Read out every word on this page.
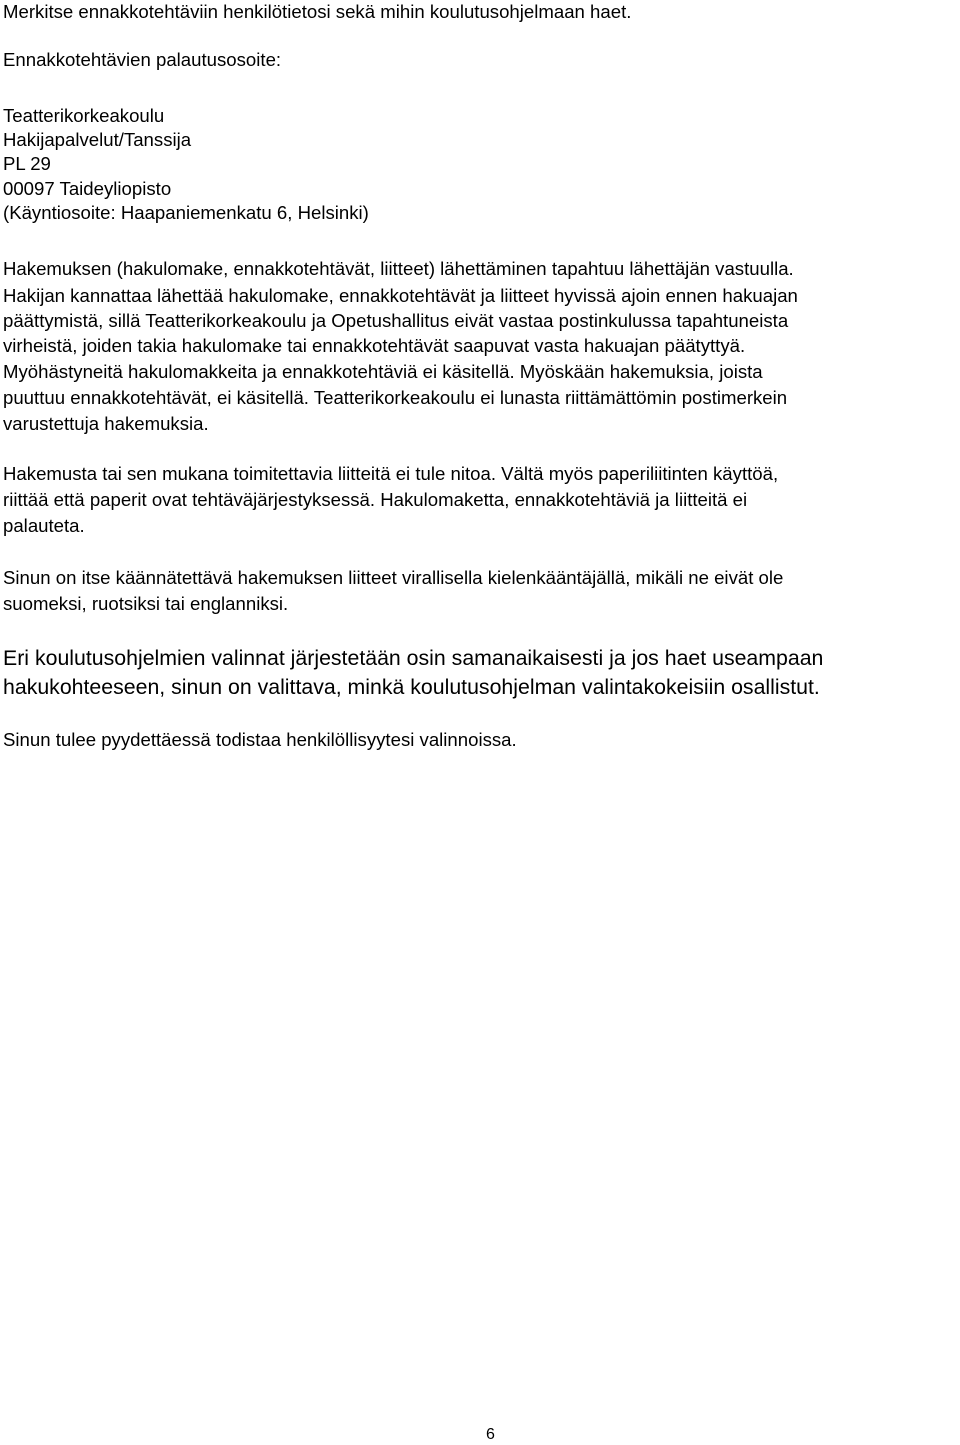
Merkitse ennakkotehtäviin henkilötietosi sekä mihin koulutusohjelmaan haet.
Ennakkotehtävien palautusosoite:
Teatterikorkeakoulu
Hakijapalvelut/Tanssija
PL 29
00097 Taideyliopisto
(Käyntiosoite: Haapaniemenkatu 6, Helsinki)
Hakemuksen (hakulomake, ennakkotehtävät, liitteet) lähettäminen tapahtuu lähettäjän vastuulla.
Hakijan kannattaa lähettää hakulomake, ennakkotehtävät ja liitteet hyvissä ajoin ennen hakuajan
päättymistä, sillä Teatterikorkeakoulu ja Opetushallitus eivät vastaa postinkulussa tapahtuneista
virheistä, joiden takia hakulomake tai ennakkotehtävät saapuvat vasta hakuajan päätyttyä.
Myöhästyneitä hakulomakkeita ja ennakkotehtäviä ei käsitellä. Myöskään hakemuksia, joista
puuttuu ennakkotehtävät, ei käsitellä. Teatterikorkeakoulu ei lunasta riittämättömin postimerkein
varustettuja hakemuksia.
Hakemusta tai sen mukana toimitettavia liitteitä ei tule nitoa. Vältä myös paperiliitinten käyttöä,
riittää että paperit ovat tehtäväjärjestyksessä. Hakulomaketta, ennakkotehtäviä ja liitteitä ei
palauteta.
Sinun on itse käännätettävä hakemuksen liitteet virallisella kielenkääntäjällä, mikäli ne eivät ole
suomeksi, ruotsiksi tai englanniksi.
Eri koulutusohjelmien valinnat järjestetään osin samanaikaisesti ja jos haet useampaan
hakukohteeseen, sinun on valittava, minkä koulutusohjelman valintakokeisiin osallistut.
Sinun tulee pyydettäessä todistaa henkilöllisyytesi valinnoissa.
6
